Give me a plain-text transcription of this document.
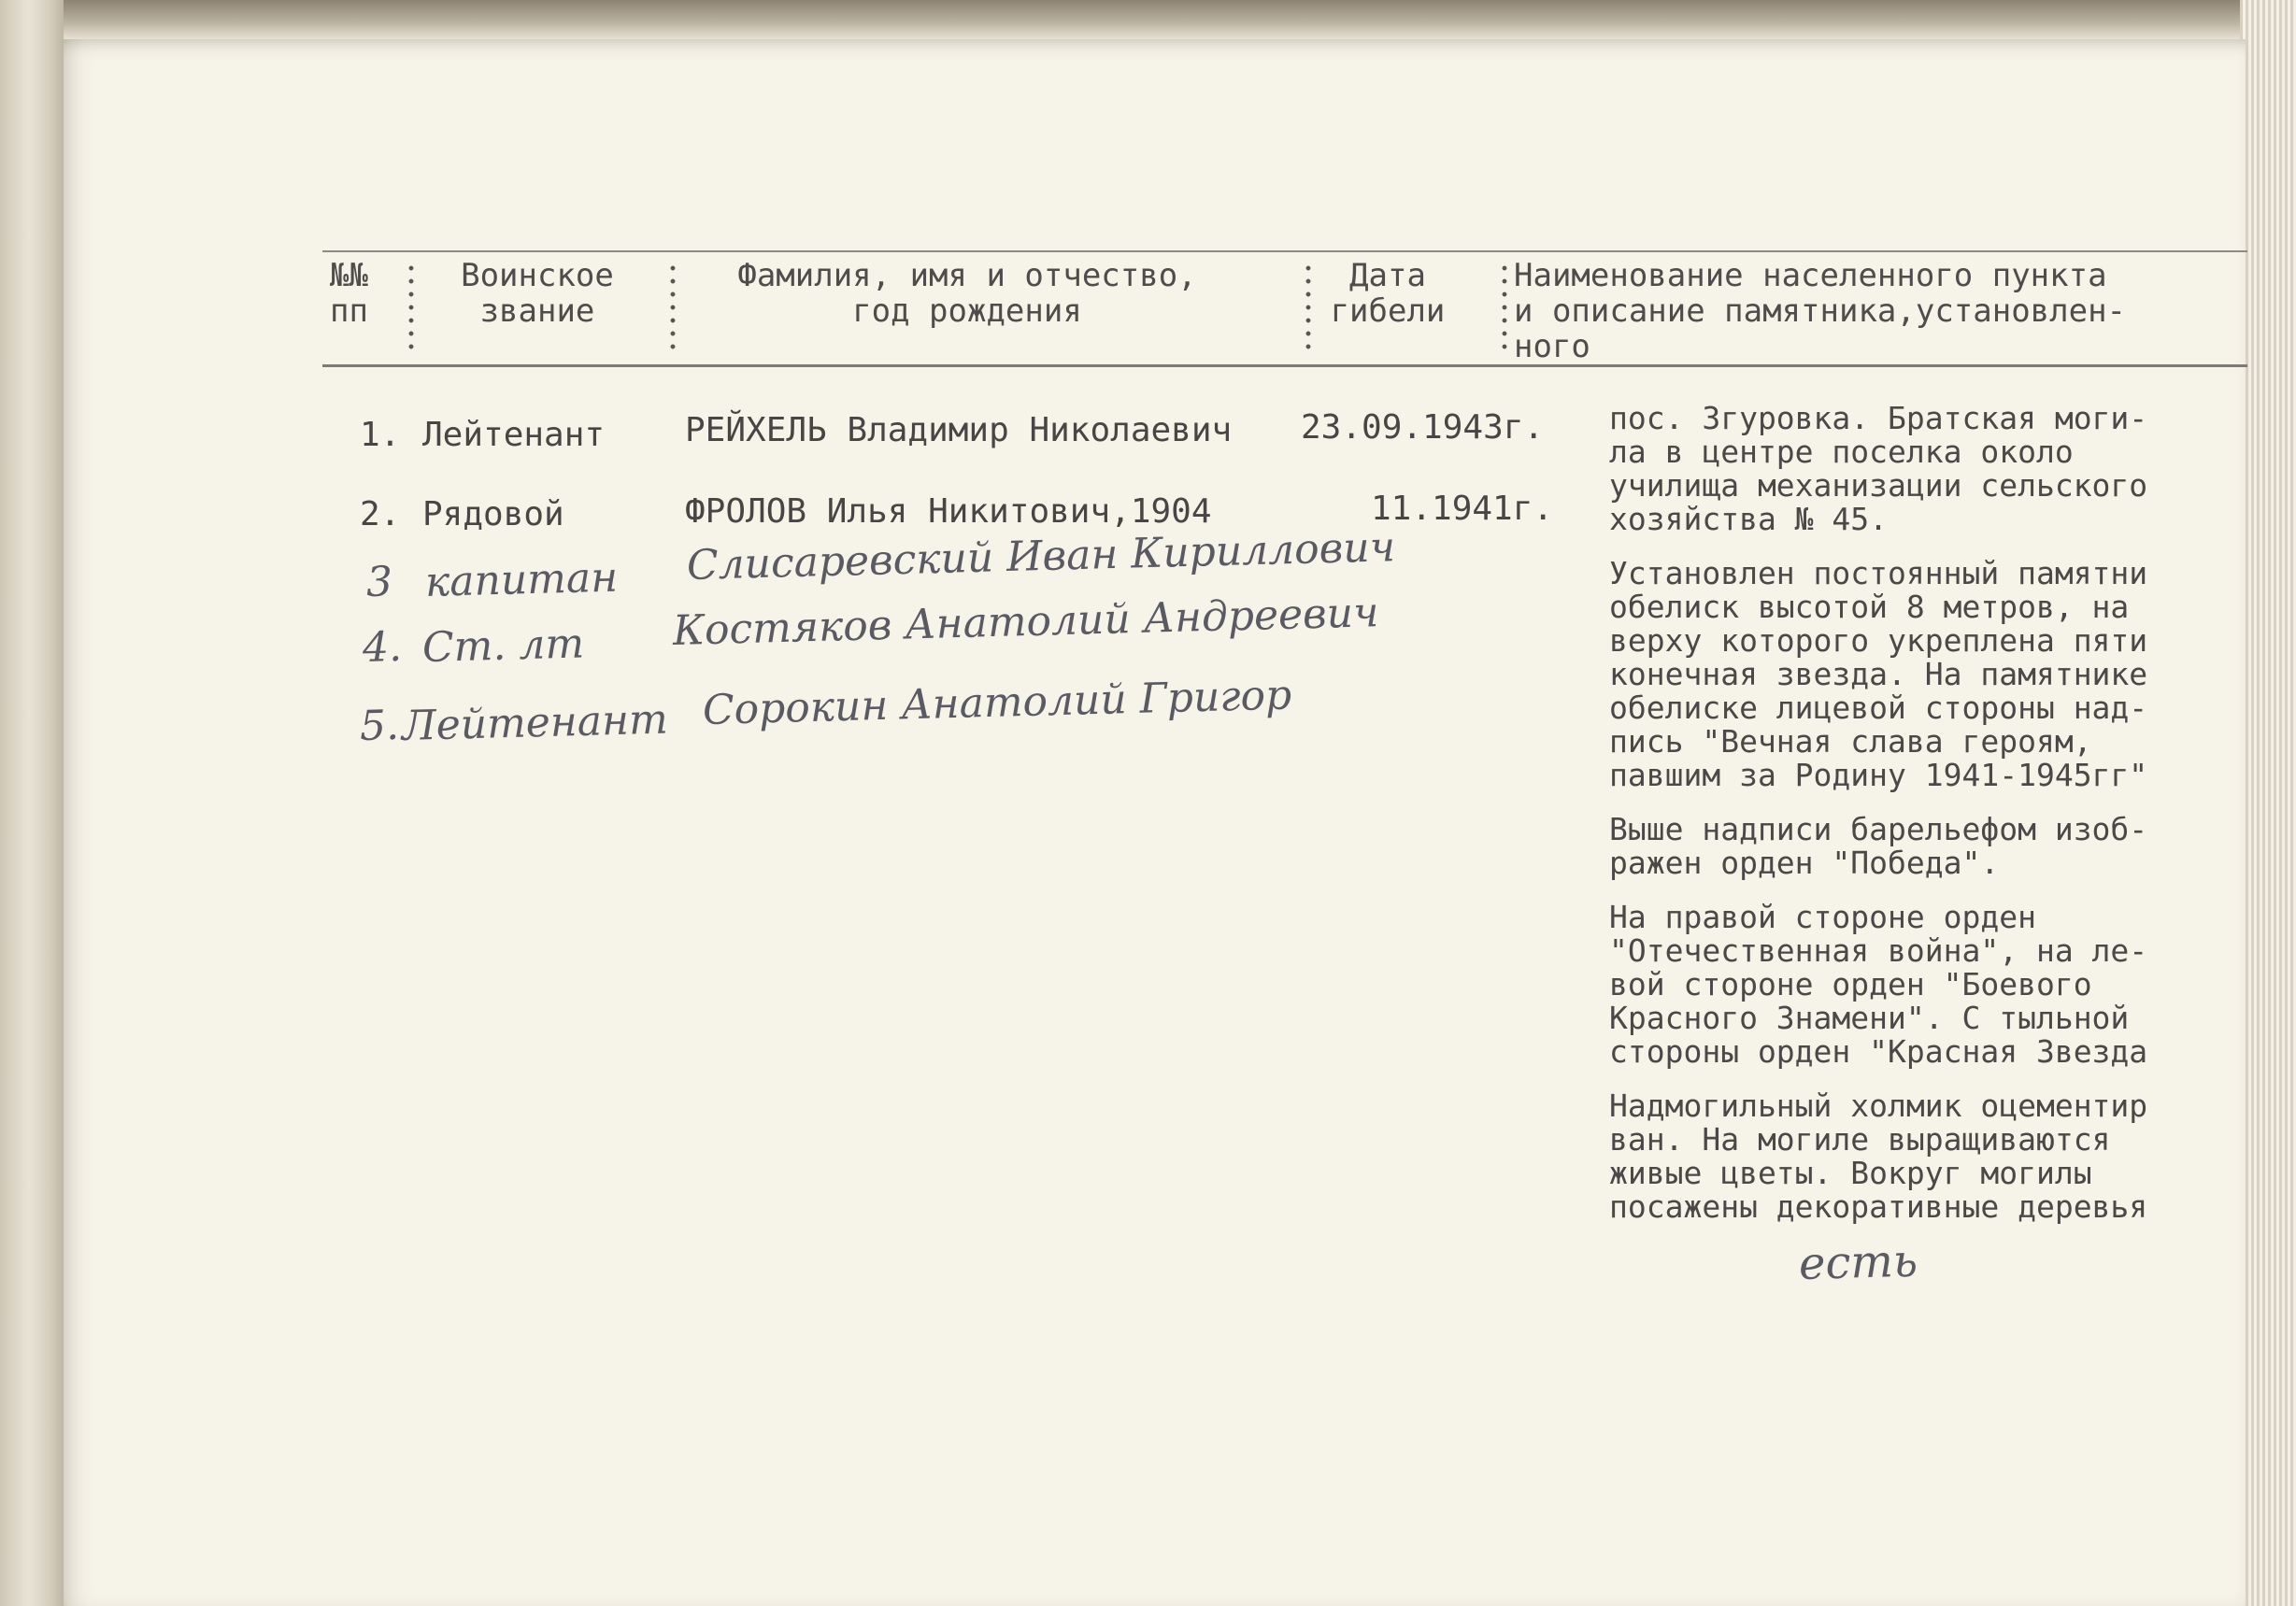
№№
пп
Воинское
звание
Фамилия, имя и отчество,
год рождения
Дата
гибели
Наименование населенного пункта
и описание памятника,установлен-
ного
1. Лейтенант РЕЙХЕЛЬ Владимир Николаевич 23.09.1943г.
2. Рядовой	ФРОЛОВ Илья Никитович,1904	11.1941г.
3 капитан Слисаревский Иван Кириллович
4. Ст. лт Костяков Анатолий Андреевич
5. Лейтенант Сорокин Анатолий Григор

пос. Згуровка. Братская моги-
ла в центре поселка около
училища механизации сельского
хозяйства № 45.

Установлен постоянный памятни
обелиск высотой 8 метров, на
верху которого укреплена пяти
конечная звезда. На памятнике
обелиске лицевой стороны над-
пись "Вечная слава героям,
павшим за Родину 1941-1945гг"

Выше надписи барельефом изоб-
ражен орден "Победа".

На правой стороне орден
"Отечественная война", на ле-
вой стороне орден "Боевого
Красного Знамени". С тыльной
стороны орден "Красная Звезда

Надмогильный холмик оцементир
ван. На могиле выращиваются
живые цветы. Вокруг могилы
посажены декоративные деревья

есть
